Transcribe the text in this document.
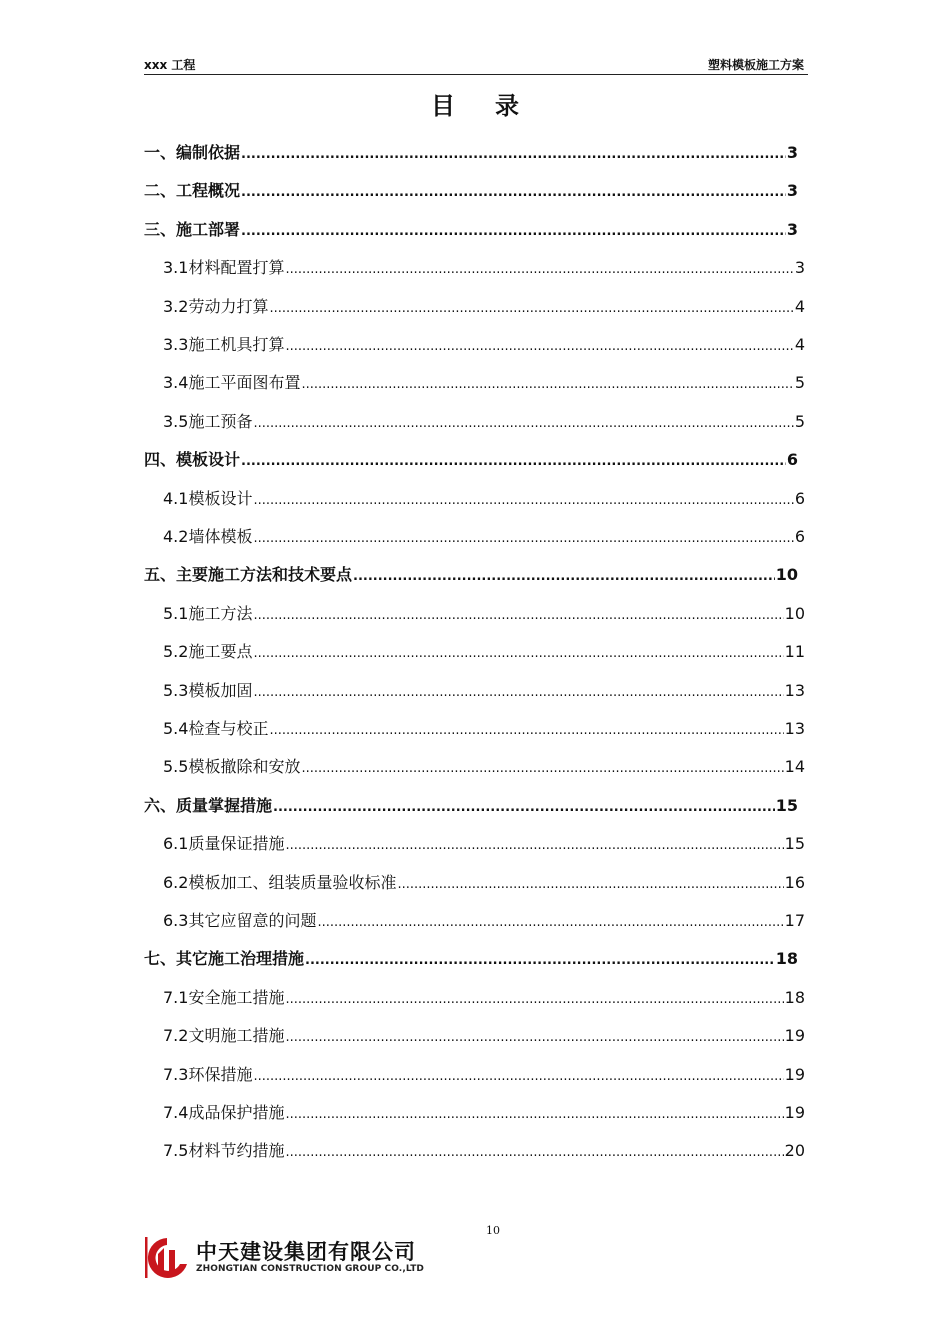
xxx 工程	塑料模板施工方案
目录
一、编制依据 .....	3
二、工程概况 .....	3
三、施工部署 .....	3
3.1材料配置打算 .....	3
3.2劳动力打算 .....	4
3.3施工机具打算 .....	4
3.4施工平面图布置 .....	5
3.5施工预备 .....	5
四、模板设计 .....	6
4.1模板设计 .....	6
4.2墙体模板 .....	6
五、主要施工方法和技术要点 .....	10
5.1施工方法 .....	10
5.2施工要点 .....	11
5.3模板加固 .....	13
5.4检查与校正 .....	13
5.5模板撤除和安放 .....	14
六、质量掌握措施 .....	15
6.1质量保证措施 .....	15
6.2模板加工、组装质量验收标准 .....	16
6.3其它应留意的问题 .....	17
七、其它施工治理措施 .....	18
7.1安全施工措施 .....	18
7.2文明施工措施 .....	19
7.3环保措施 .....	19
7.4成品保护措施 .....	19
7.5材料节约措施 .....	20
10
中天建设集团有限公司
ZHONGTIAN CONSTRUCTION GROUP CO.,LTD
